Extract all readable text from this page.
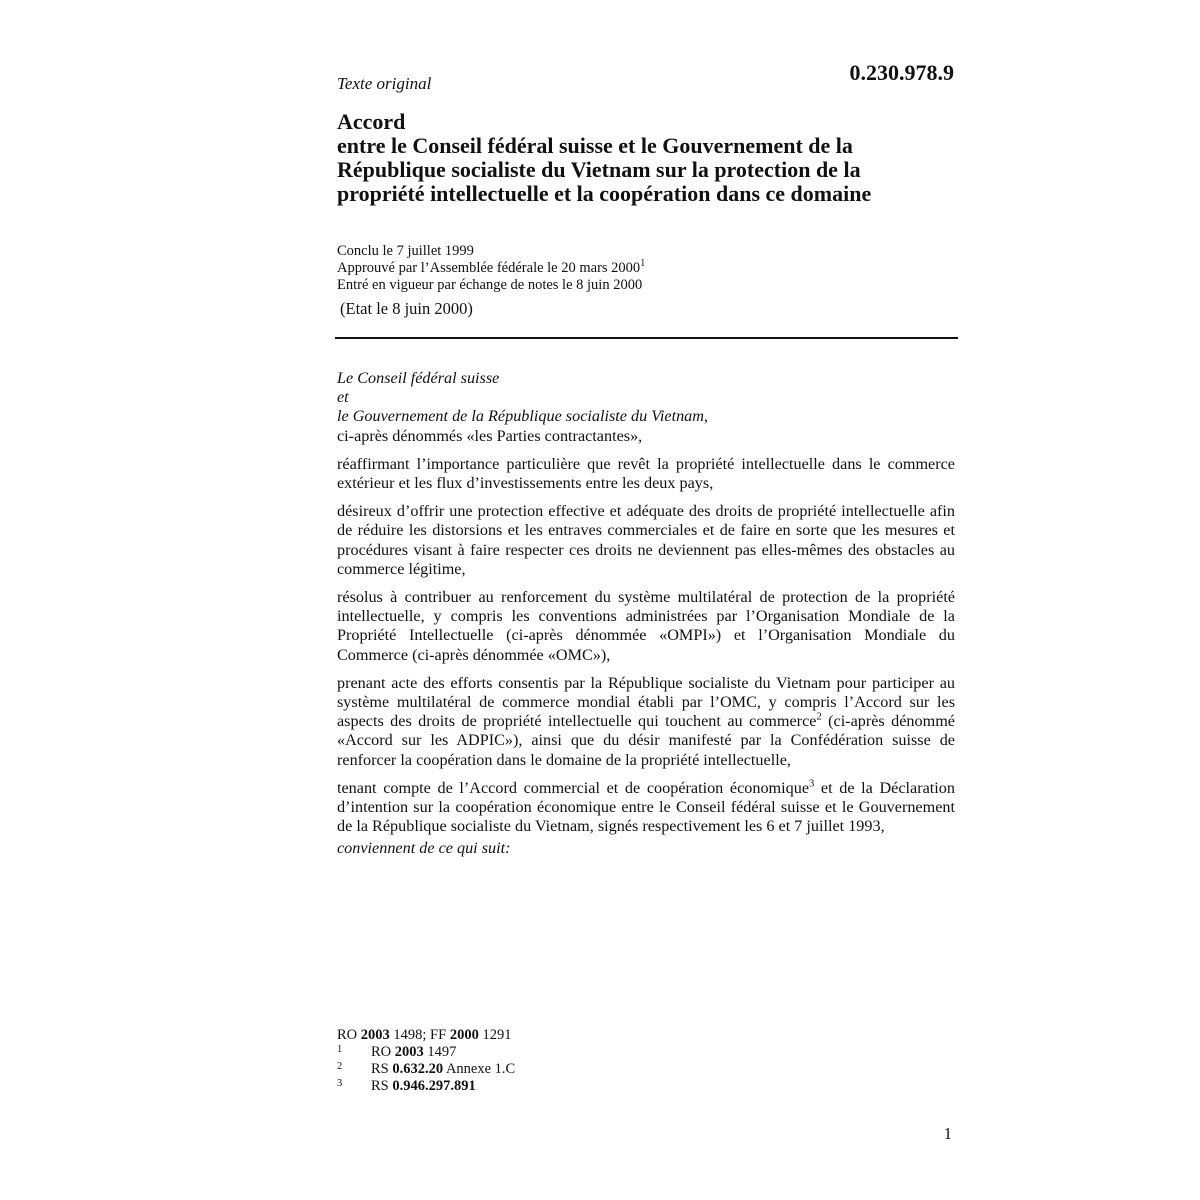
Texte original	0.230.978.9
Accord
entre le Conseil fédéral suisse et le Gouvernement de la
République socialiste du Vietnam sur la protection de la
propriété intellectuelle et la coopération dans ce domaine
Conclu le 7 juillet 1999
Approuvé par l’Assemblée fédérale le 20 mars 2000$^1$
Entré en vigueur par échange de notes le 8 juin 2000
(Etat le 8 juin 2000)
Le Conseil fédéral suisse
et
le Gouvernement de la République socialiste du Vietnam,
ci-après dénommés «les Parties contractantes»,
réaffirmant l’importance particulière que revêt la propriété intellectuelle dans le commerce extérieur et les flux d’investissements entre les deux pays,
désireux d’offrir une protection effective et adéquate des droits de propriété intellectuelle afin de réduire les distorsions et les entraves commerciales et de faire en sorte que les mesures et procédures visant à faire respecter ces droits ne deviennent pas elles-mêmes des obstacles au commerce légitime,
résolus à contribuer au renforcement du système multilatéral de protection de la propriété intellectuelle, y compris les conventions administrées par l’Organisation Mondiale de la Propriété Intellectuelle (ci-après dénommée «OMPI») et l’Organisation Mondiale du Commerce (ci-après dénommée «OMC»),
prenant acte des efforts consentis par la République socialiste du Vietnam pour participer au système multilatéral de commerce mondial établi par l’OMC, y compris l’Accord sur les aspects des droits de propriété intellectuelle qui touchent au commerce$^2$ (ci-après dénommé «Accord sur les ADPIC»), ainsi que du désir manifesté par la Confédération suisse de renforcer la coopération dans le domaine de la propriété intellectuelle,
tenant compte de l’Accord commercial et de coopération économique$^3$ et de la Déclaration d’intention sur la coopération économique entre le Conseil fédéral suisse et le Gouvernement de la République socialiste du Vietnam, signés respectivement les 6 et 7 juillet 1993,
conviennent de ce qui suit:
RO 2003 1498; FF 2000 1291
1	RO 2003 1497
2	RS 0.632.20 Annexe 1.C
3	RS 0.946.297.891
1
